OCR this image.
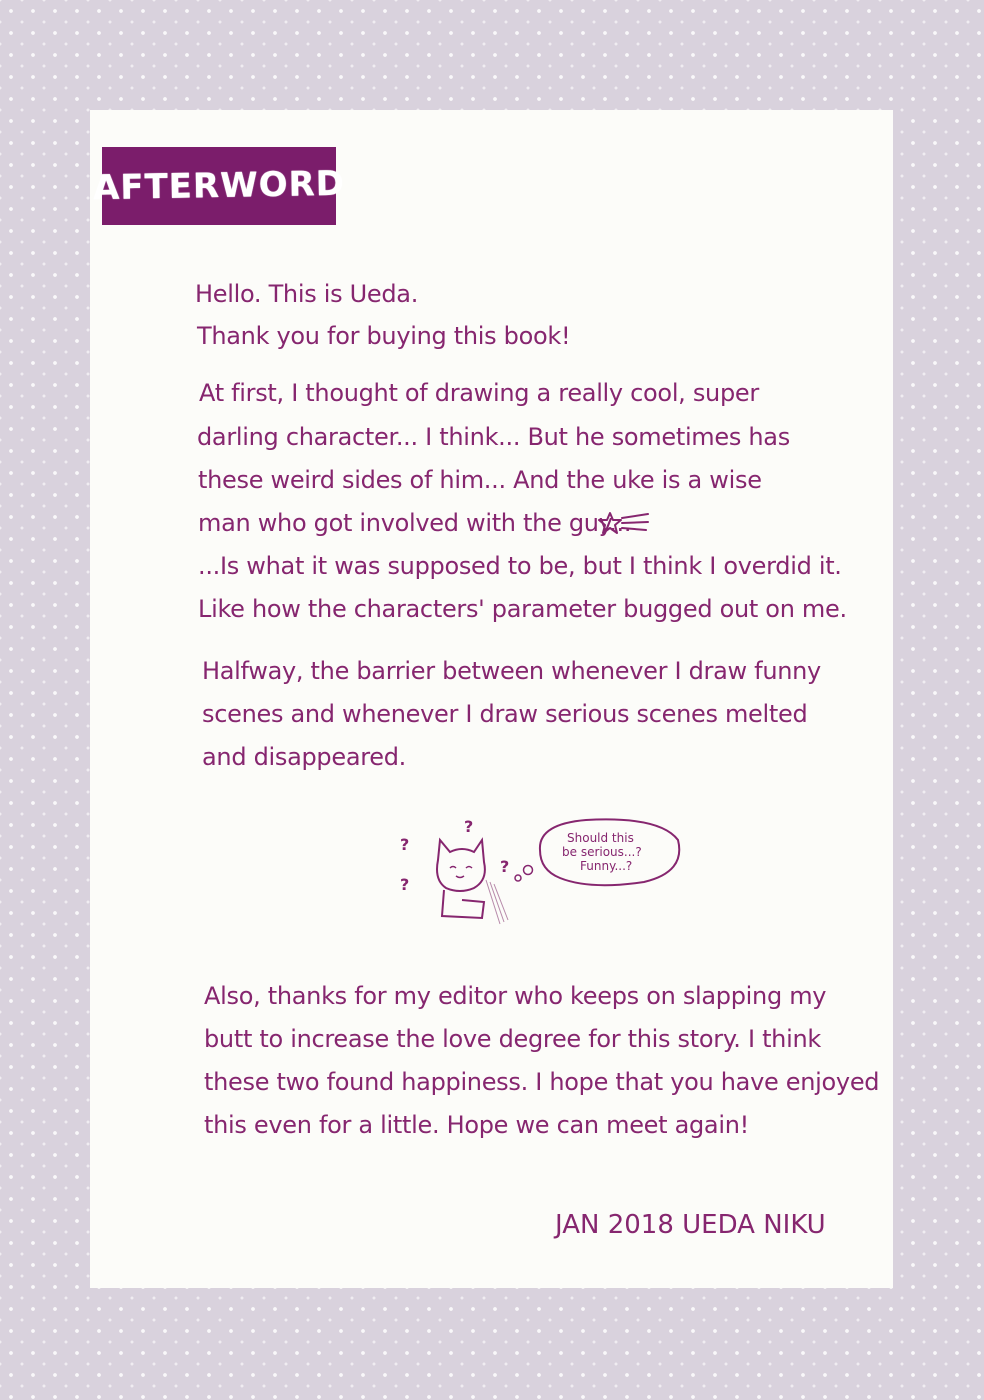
AFTERWORD
Hello. This is Ueda.
Thank you for buying this book!
At first, I thought of drawing a really cool, super
darling character... I think... But he sometimes has
these weird sides of him... And the uke is a wise
man who got involved with the guy...
...Is what it was supposed to be, but I think I overdid it.
Like how the characters' parameter bugged out on me.
Halfway, the barrier between whenever I draw funny
scenes and whenever I draw serious scenes melted
and disappeared.
?
?
?
?
Should this
be serious...?
Funny...?
Also, thanks for my editor who keeps on slapping my
butt to increase the love degree for this story. I think
these two found happiness. I hope that you have enjoyed
this even for a little. Hope we can meet again!
JAN 2018 UEDA NIKU
